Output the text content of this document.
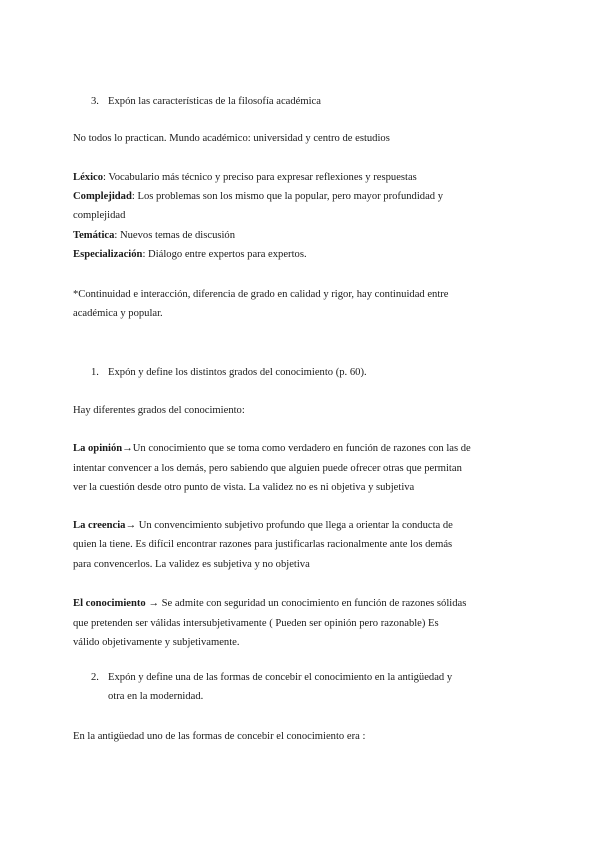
3. Expón las características de la filosofía académica
No todos lo practican. Mundo académico: universidad y centro de estudios
Léxico: Vocabulario más técnico y preciso para expresar reflexiones y respuestas
Complejidad: Los problemas son los mismo que la popular, pero mayor profundidad y
complejidad
Temática: Nuevos temas de discusión
Especialización: Diálogo entre expertos para expertos.
*Continuidad e interacción, diferencia de grado en calidad y rigor, hay continuidad entre
académica y popular.
1. Expón y define los distintos grados del conocimiento (p. 60).
Hay diferentes grados del conocimiento:
La opinión→Un conocimiento que se toma como verdadero en función de razones con las de
intentar convencer a los demás, pero sabiendo que alguien puede ofrecer otras que permitan
ver la cuestión desde otro punto de vista. La validez no es ni objetiva y subjetiva
La creencia→ Un convencimiento subjetivo profundo que llega a orientar la conducta de
quien la tiene. Es difícil encontrar razones para justificarlas racionalmente ante los demás
para convencerlos. La validez es subjetiva y no objetiva
El conocimiento → Se admite con seguridad un conocimiento en función de razones sólidas
que pretenden ser válidas intersubjetivamente ( Pueden ser opinión pero razonable) Es
válido objetivamente y subjetivamente.
2. Expón y define una de las formas de concebir el conocimiento en la antigüedad y
otra en la modernidad.
En la antigüedad uno de las formas de concebir el conocimiento era :
